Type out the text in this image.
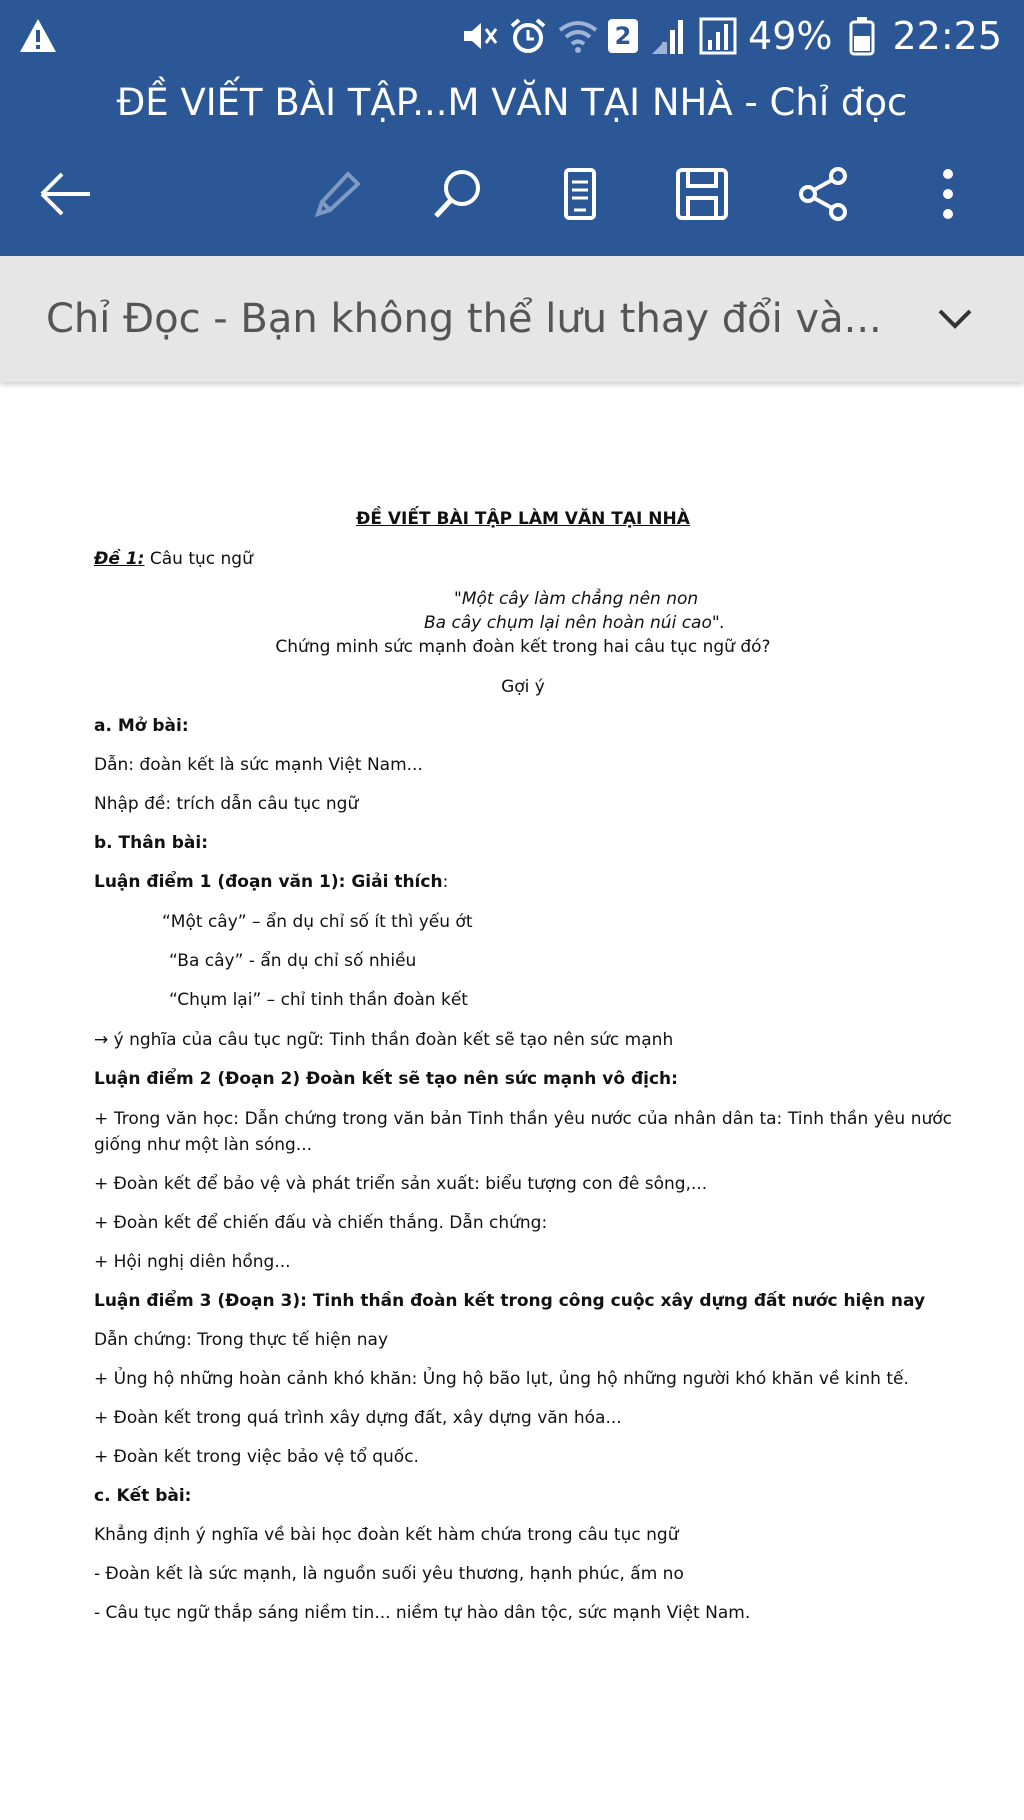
2	49% 22:25
ĐỀ VIẾT BÀI TẬP...M VĂN TẠI NHÀ - Chỉ đọc
Chỉ Đọc - Bạn không thể lưu thay đổi và...
ĐỀ VIẾT BÀI TẬP LÀM VĂN TẠI NHÀ
Đề 1: Câu tục ngữ
"Một cây làm chẳng nên non
Ba cây chụm lại nên hoàn núi cao".
Chứng minh sức mạnh đoàn kết trong hai câu tục ngữ đó?
Gợi ý
a. Mở bài:
Dẫn: đoàn kết là sức mạnh Việt Nam...
Nhập đề: trích dẫn câu tục ngữ
b. Thân bài:
Luận điểm 1 (đoạn văn 1): Giải thích:
“Một cây” – ẩn dụ chỉ số ít thì yếu ớt
“Ba cây” - ẩn dụ chỉ số nhiều
“Chụm lại” – chỉ tinh thần đoàn kết
→ ý nghĩa của câu tục ngữ: Tinh thần đoàn kết sẽ tạo nên sức mạnh
Luận điểm 2 (Đoạn 2) Đoàn kết sẽ tạo nên sức mạnh vô địch:
+ Trong văn học: Dẫn chứng trong văn bản Tinh thần yêu nước của nhân dân ta: Tinh thần yêu nước giống như một làn sóng...
+ Đoàn kết để bảo vệ và phát triển sản xuất: biểu tượng con đê sông,...
+ Đoàn kết để chiến đấu và chiến thắng. Dẫn chứng:
+ Hội nghị diên hồng...
Luận điểm 3 (Đoạn 3): Tinh thần đoàn kết trong công cuộc xây dựng đất nước hiện nay
Dẫn chứng: Trong thực tế hiện nay
+ Ủng hộ những hoàn cảnh khó khăn: Ủng hộ bão lụt, ủng hộ những người khó khăn về kinh tế.
+ Đoàn kết trong quá trình xây dựng đất, xây dựng văn hóa...
+ Đoàn kết trong việc bảo vệ tổ quốc.
c. Kết bài:
Khẳng định ý nghĩa về bài học đoàn kết hàm chứa trong câu tục ngữ
- Đoàn kết là sức mạnh, là nguồn suối yêu thương, hạnh phúc, ấm no
- Câu tục ngữ thắp sáng niềm tin... niềm tự hào dân tộc, sức mạnh Việt Nam.
